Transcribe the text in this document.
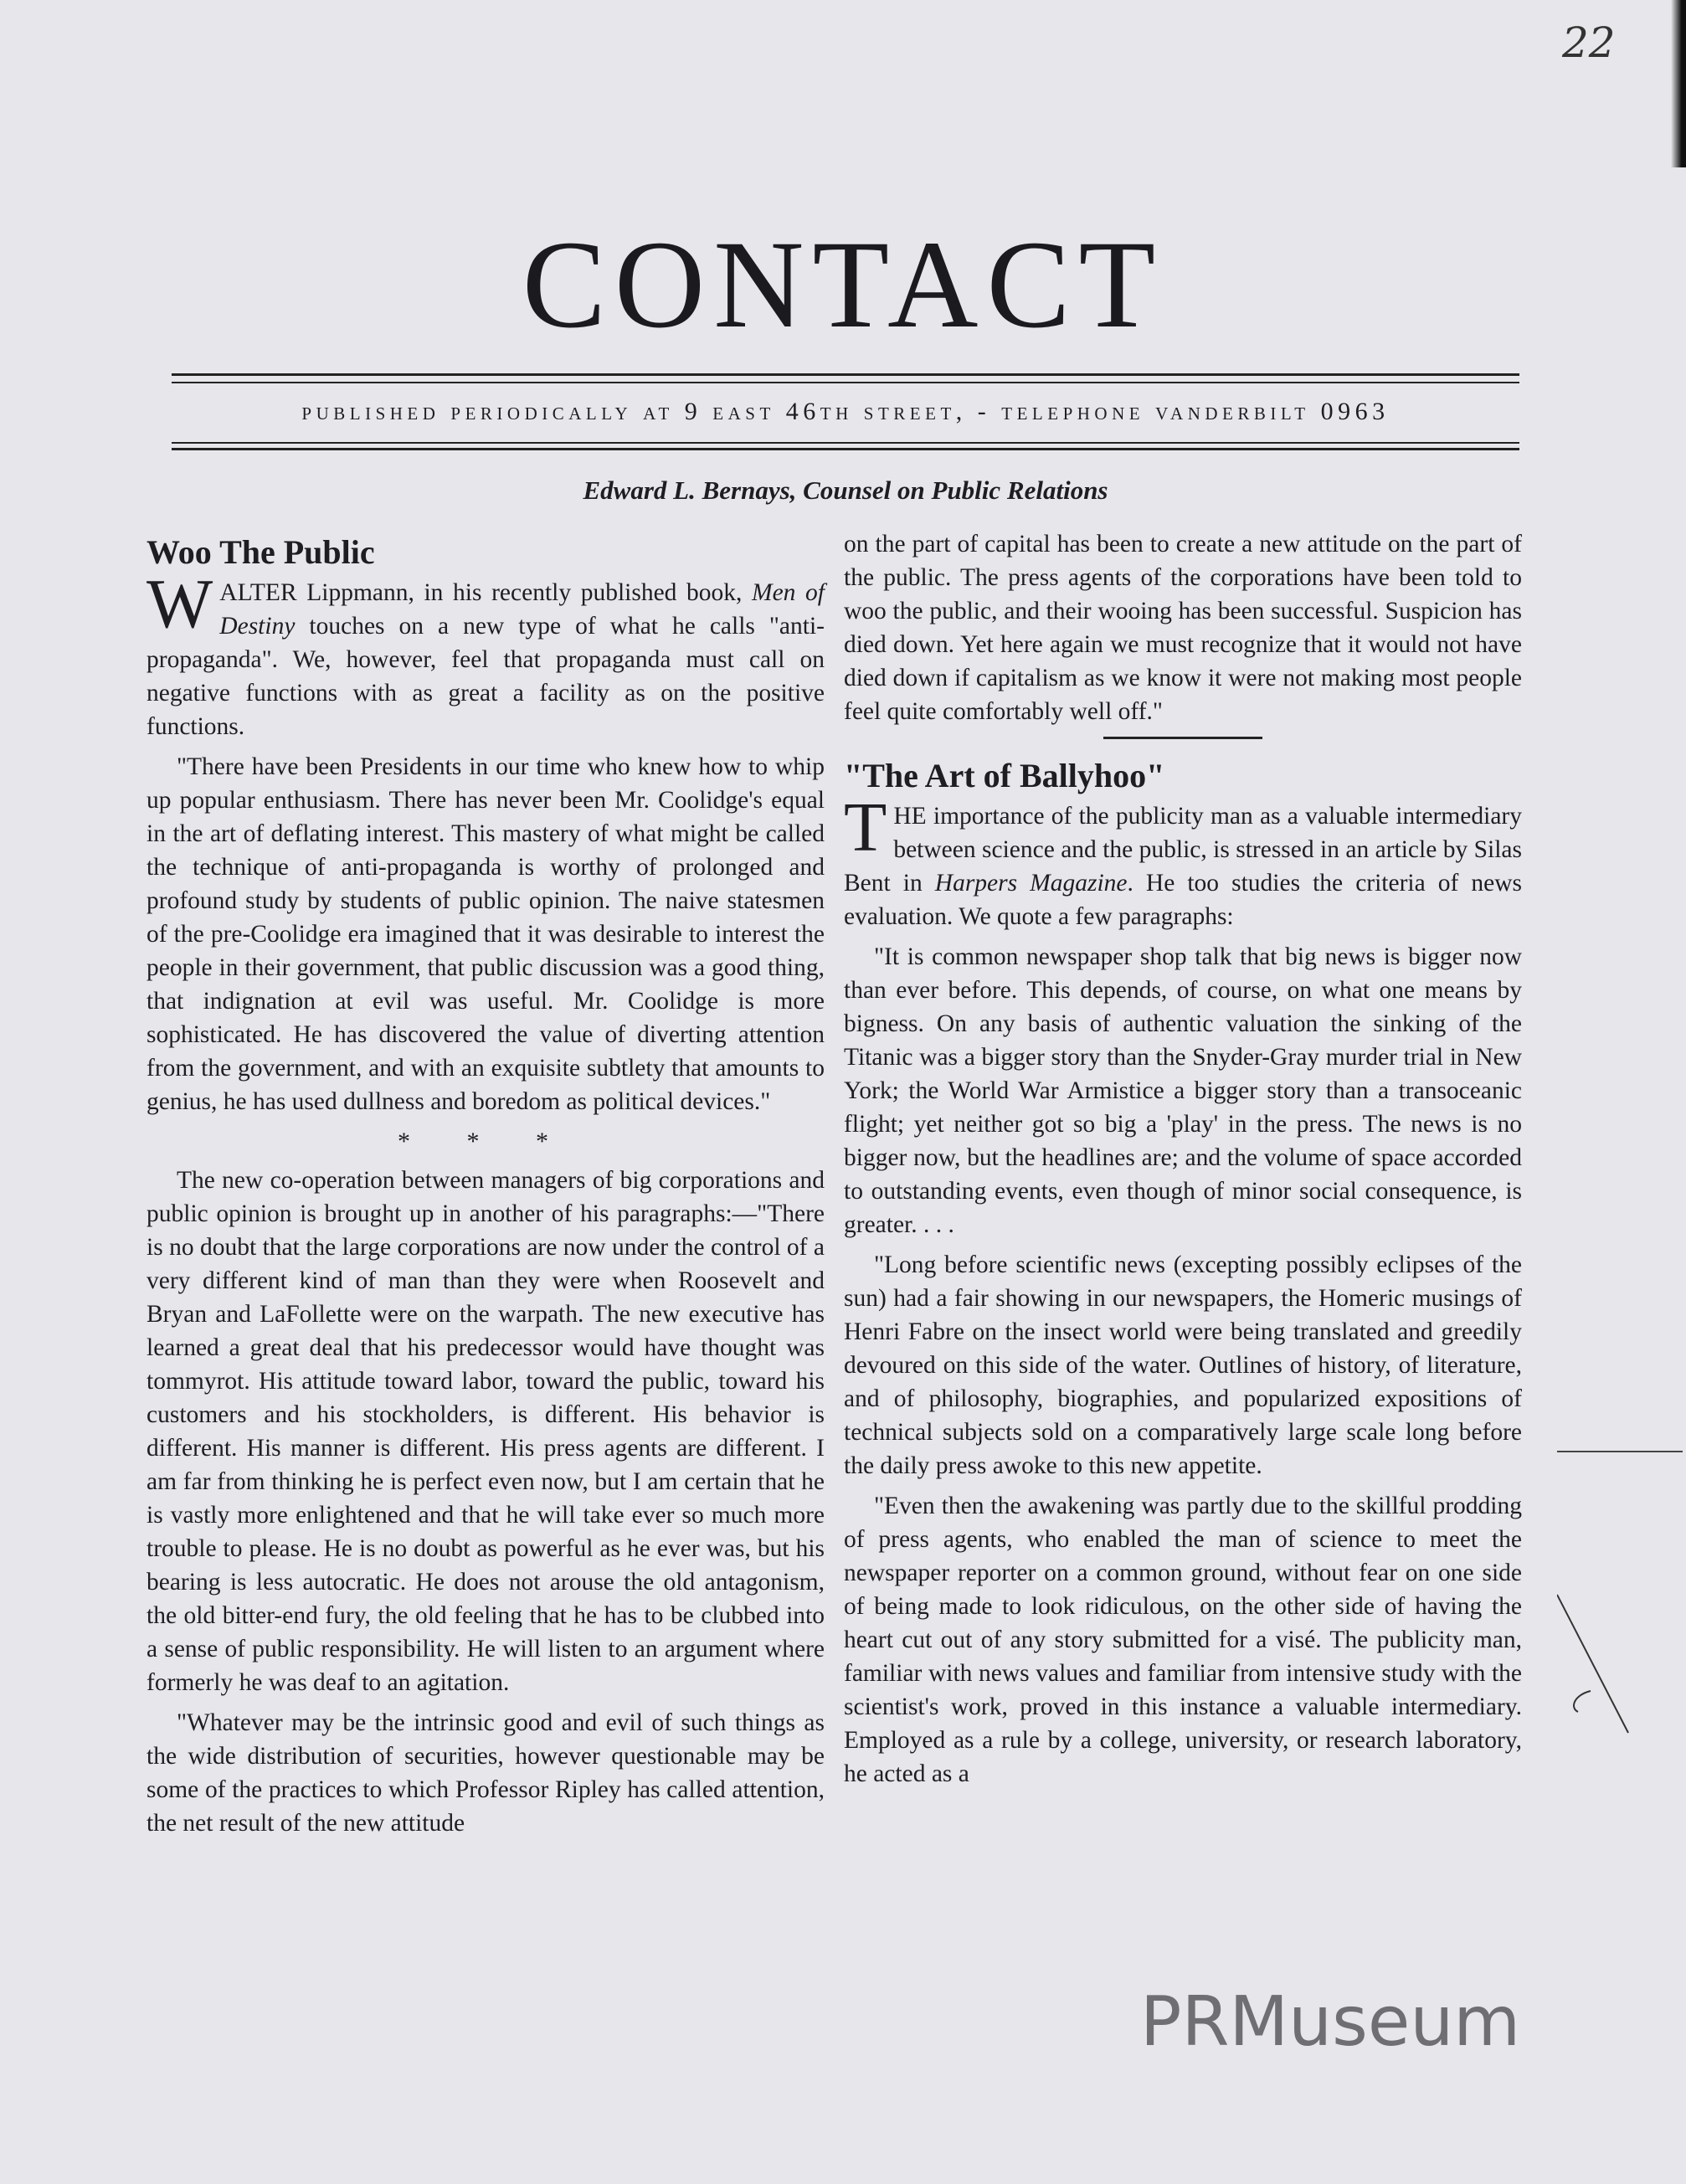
22
CONTACT
published periodically at 9 east 46th street, - telephone vanderbilt 0963
Edward L. Bernays, Counsel on Public Relations
Woo The Public

WALTER Lippmann, in his recently published book, Men of Destiny touches on a new type of what he calls "anti-propaganda". We, however, feel that propaganda must call on negative functions with as great a facility as on the positive functions.

"There have been Presidents in our time who knew how to whip up popular enthusiasm. There has never been Mr. Coolidge's equal in the art of deflating interest. This mastery of what might be called the technique of anti-propaganda is worthy of prolonged and profound study by students of public opinion. The naive statesmen of the pre-Coolidge era imagined that it was desirable to interest the people in their government, that public discussion was a good thing, that indignation at evil was useful. Mr. Coolidge is more sophisticated. He has discovered the value of diverting attention from the government, and with an exquisite subtlety that amounts to genius, he has used dullness and boredom as political devices."

* * *

The new co-operation between managers of big corporations and public opinion is brought up in another of his paragraphs:—"There is no doubt that the large corporations are now under the control of a very different kind of man than they were when Roosevelt and Bryan and LaFollette were on the warpath. The new executive has learned a great deal that his predecessor would have thought was tommyrot. His attitude toward labor, toward the public, toward his customers and his stockholders, is different. His behavior is different. His manner is different. His press agents are different. I am far from thinking he is perfect even now, but I am certain that he is vastly more enlightened and that he will take ever so much more trouble to please. He is no doubt as powerful as he ever was, but his bearing is less autocratic. He does not arouse the old antagonism, the old bitter-end fury, the old feeling that he has to be clubbed into a sense of public responsibility. He will listen to an argument where formerly he was deaf to an agitation.

"Whatever may be the intrinsic good and evil of such things as the wide distribution of securities, however questionable may be some of the practices to which Professor Ripley has called attention, the net result of the new attitude

on the part of capital has been to create a new attitude on the part of the public. The press agents of the corporations have been told to woo the public, and their wooing has been successful. Suspicion has died down. Yet here again we must recognize that it would not have died down if capitalism as we know it were not making most people feel quite comfortably well off."

"The Art of Ballyhoo"

THE importance of the publicity man as a valuable intermediary between science and the public, is stressed in an article by Silas Bent in Harpers Magazine. He too studies the criteria of news evaluation. We quote a few paragraphs:

"It is common newspaper shop talk that big news is bigger now than ever before. This depends, of course, on what one means by bigness. On any basis of authentic valuation the sinking of the Titanic was a bigger story than the Snyder-Gray murder trial in New York; the World War Armistice a bigger story than a transoceanic flight; yet neither got so big a 'play' in the press. The news is no bigger now, but the headlines are; and the volume of space accorded to outstanding events, even though of minor social consequence, is greater. . . .

"Long before scientific news (excepting possibly eclipses of the sun) had a fair showing in our newspapers, the Homeric musings of Henri Fabre on the insect world were being translated and greedily devoured on this side of the water. Outlines of history, of literature, and of philosophy, biographies, and popularized expositions of technical subjects sold on a comparatively large scale long before the daily press awoke to this new appetite.

"Even then the awakening was partly due to the skillful prodding of press agents, who enabled the man of science to meet the newspaper reporter on a common ground, without fear on one side of being made to look ridiculous, on the other side of having the heart cut out of any story submitted for a visé. The publicity man, familiar with news values and familiar from intensive study with the scientist's work, proved in this instance a valuable intermediary. Employed as a rule by a college, university, or research laboratory, he acted as a

PRMuseum
